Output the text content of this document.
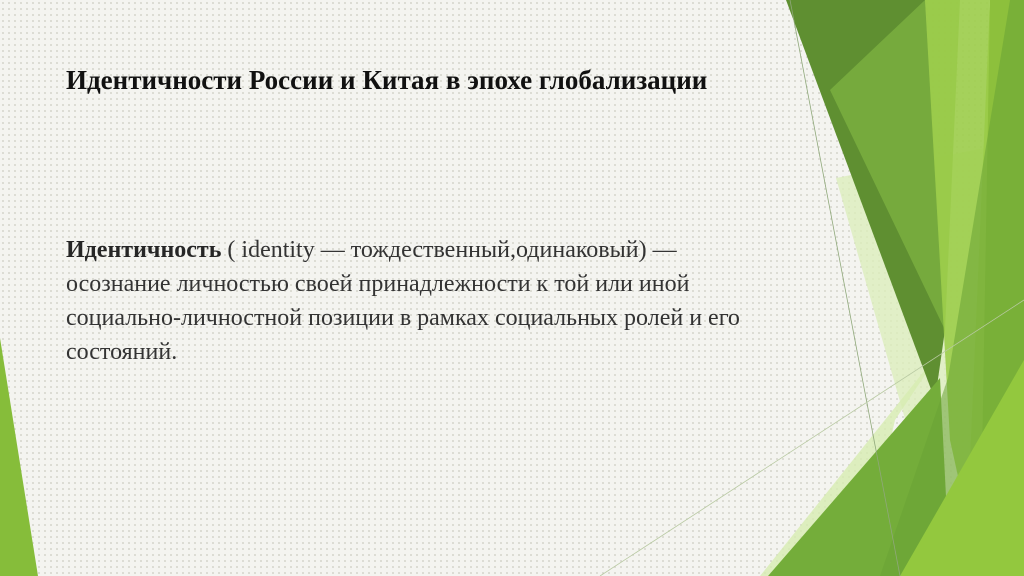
Идентичности России и Китая в эпохе глобализации

Идентичность ( identity — тождественный,одинаковый) — осознание личностью своей принадлежности к той или иной социально-личностной позиции в рамках социальных ролей и его состояний.
